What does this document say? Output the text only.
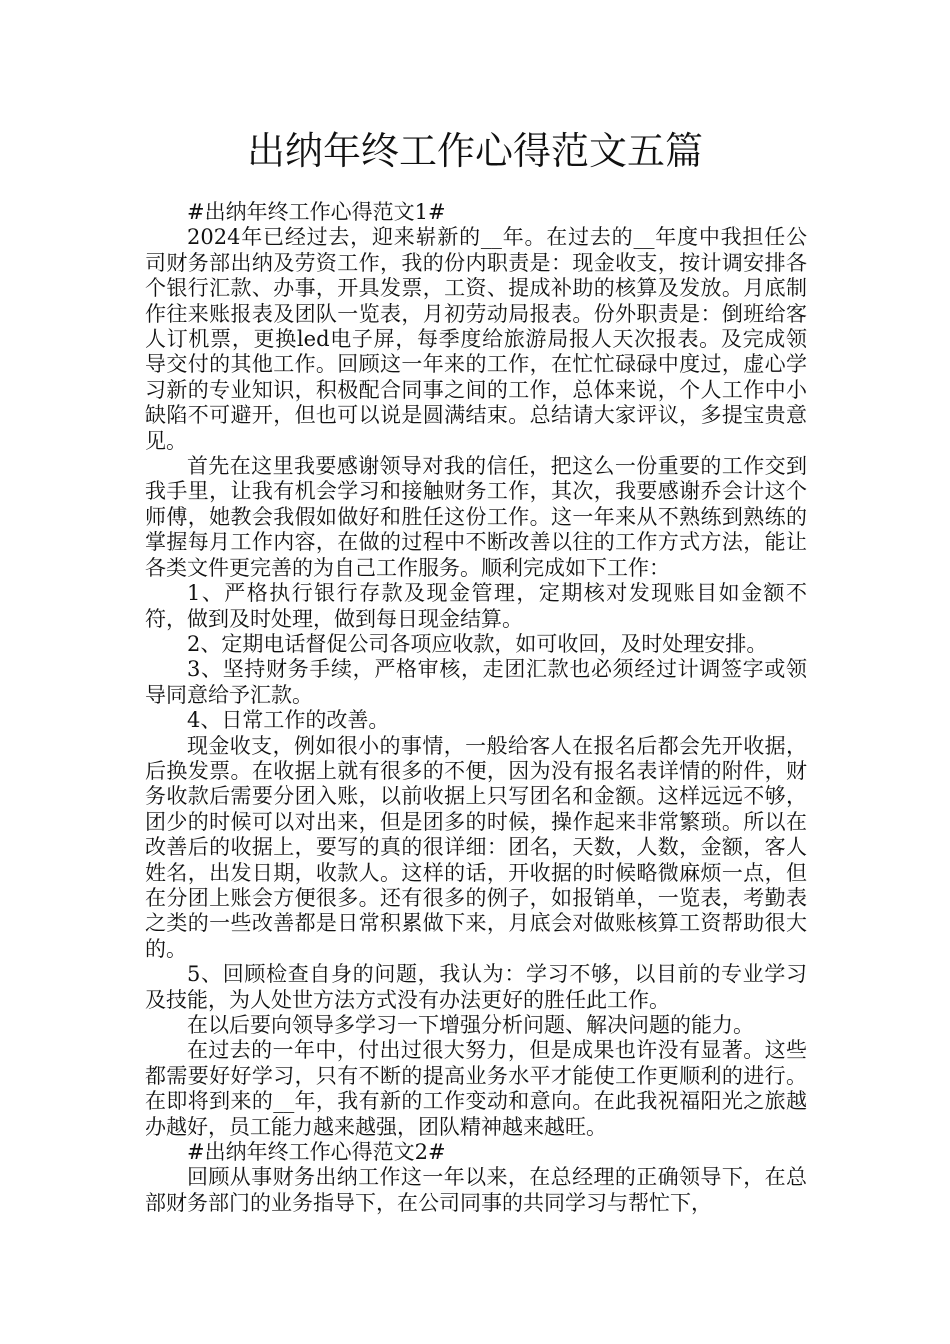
出纳年终工作心得范文五篇

#出纳年终工作心得范文1#

2024年已经过去，迎来崭新的__年。在过去的__年度中我担任公司财务部出纳及劳资工作，我的份内职责是：现金收支，按计调安排各个银行汇款、办事，开具发票，工资、提成补助的核算及发放。月底制作往来账报表及团队一览表，月初劳动局报表。份外职责是：倒班给客人订机票，更换led电子屏，每季度给旅游局报人天次报表。及完成领导交付的其他工作。回顾这一年来的工作，在忙忙碌碌中度过，虚心学习新的专业知识，积极配合同事之间的工作，总体来说，个人工作中小缺陷不可避开，但也可以说是圆满结束。总结请大家评议，多提宝贵意见。

首先在这里我要感谢领导对我的信任，把这么一份重要的工作交到我手里，让我有机会学习和接触财务工作，其次，我要感谢乔会计这个师傅，她教会我假如做好和胜任这份工作。这一年来从不熟练到熟练的掌握每月工作内容，在做的过程中不断改善以往的工作方式方法，能让各类文件更完善的为自己工作服务。顺利完成如下工作：

1、严格执行银行存款及现金管理，定期核对发现账目如金额不符，做到及时处理，做到每日现金结算。

2、定期电话督促公司各项应收款，如可收回，及时处理安排。

3、坚持财务手续，严格审核，走团汇款也必须经过计调签字或领导同意给予汇款。

4、日常工作的改善。

现金收支，例如很小的事情，一般给客人在报名后都会先开收据，后换发票。在收据上就有很多的不便，因为没有报名表详情的附件，财务收款后需要分团入账，以前收据上只写团名和金额。这样远远不够，团少的时候可以对出来，但是团多的时候，操作起来非常繁琐。所以在改善后的收据上，要写的真的很详细：团名，天数，人数，金额，客人姓名，出发日期，收款人。这样的话，开收据的时候略微麻烦一点，但在分团上账会方便很多。还有很多的例子，如报销单，一览表，考勤表之类的一些改善都是日常积累做下来，月底会对做账核算工资帮助很大的。

5、回顾检查自身的问题，我认为：学习不够，以目前的专业学习及技能，为人处世方法方式没有办法更好的胜任此工作。

在以后要向领导多学习一下增强分析问题、解决问题的能力。

在过去的一年中，付出过很大努力，但是成果也许没有显著。这些都需要好好学习，只有不断的提高业务水平才能使工作更顺利的进行。在即将到来的__年，我有新的工作变动和意向。在此我祝福阳光之旅越办越好，员工能力越来越强，团队精神越来越旺。

#出纳年终工作心得范文2#

回顾从事财务出纳工作这一年以来，在总经理的正确领导下，在总部财务部门的业务指导下，在公司同事的共同学习与帮忙下，
